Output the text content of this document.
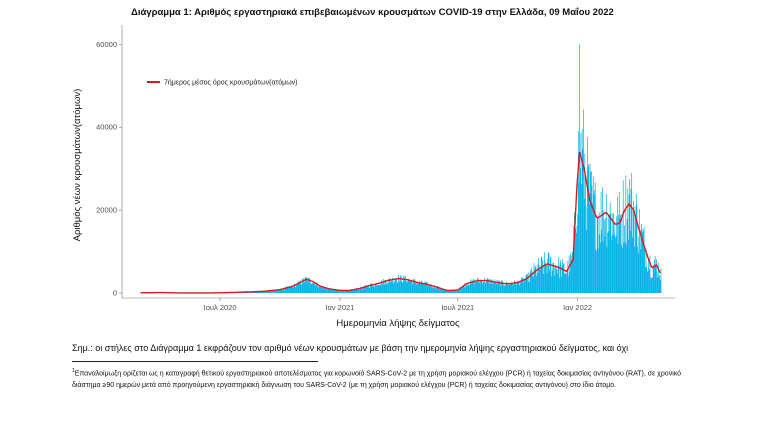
Διάγραμμα 1: Αριθμός εργαστηριακά επιβεβαιωμένων κρουσμάτων COVID-19 στην Ελλάδα, 09 Μαΐου 2022
0
20000
40000
60000
Ιουλ 2020	Ιαν 2021	Ιουλ 2021	Ιαν 2022
7ήμερος μέσος όρος κρουσμάτων(ατόμων)
Αριθμός νέων κρουσμάτων(ατόμων)
Ημερομηνία λήψης δείγματος
Σημ.: οι στήλες στο Διάγραμμα 1 εκφράζουν τον αριθμό νέων κρουσμάτων με βάση την ημερομηνία λήψης εργαστηριακού δείγματος, και όχι
$^1$Επαναλοίμωξη ορίζεται ως η καταγραφή θετικού εργαστηριακού αποτελέσματος για κορωνοϊό SARS-CoV-2 με τη χρήση μοριακού ελέγχου (PCR) ή ταχείας δοκιμασίας αντιγόνου (RAT), σε χρονικό διάστημα ≥90 ημερών μετά από προηγούμενη εργαστηριακή διάγνωση του SARS-CoV-2 (με τη χρήση μοριακού ελέγχου (PCR) ή ταχείας δοκιμασίας αντιγόνου) στο ίδιο άτομο.
